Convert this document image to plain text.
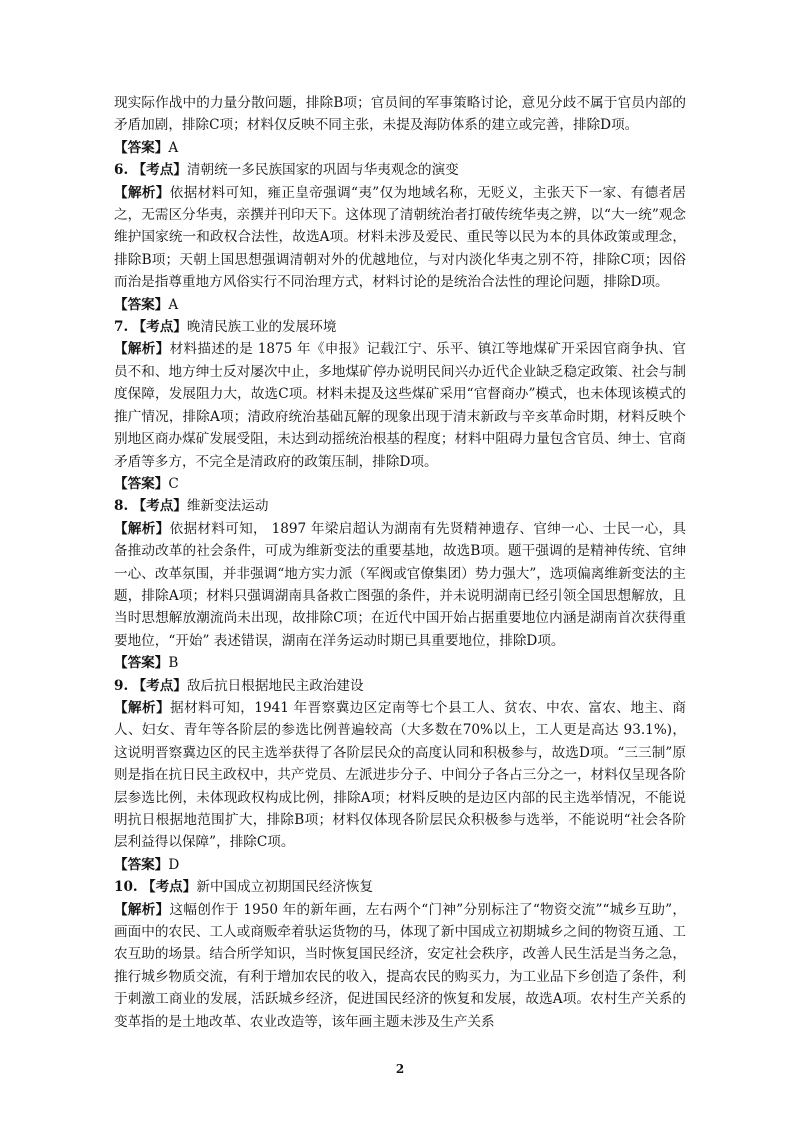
现实际作战中的力量分散问题，排除B项；官员间的军事策略讨论，意见分歧不属于官员内部的矛盾加剧，排除C项；材料仅反映不同主张，未提及海防体系的建立或完善，排除D项。

【答案】A

6. 【考点】清朝统一多民族国家的巩固与华夷观念的演变

【解析】依据材料可知，雍正皇帝强调“夷”仅为地域名称，无贬义，主张天下一家、有德者居之，无需区分华夷，亲撰并刊印天下。这体现了清朝统治者打破传统华夷之辨，以“大一统”观念维护国家统一和政权合法性，故选A项。材料未涉及爱民、重民等以民为本的具体政策或理念，排除B项；天朝上国思想强调清朝对外的优越地位，与对内淡化华夷之别不符，排除C项；因俗而治是指尊重地方风俗实行不同治理方式，材料讨论的是统治合法性的理论问题，排除D项。

【答案】A

7. 【考点】晚清民族工业的发展环境

【解析】材料描述的是 1875 年《申报》记载江宁、乐平、镇江等地煤矿开采因官商争执、官员不和、地方绅士反对屡次中止，多地煤矿停办说明民间兴办近代企业缺乏稳定政策、社会与制度保障，发展阻力大，故选C项。材料未提及这些煤矿采用“官督商办”模式，也未体现该模式的推广情况，排除A项；清政府统治基础瓦解的现象出现于清末新政与辛亥革命时期，材料反映个别地区商办煤矿发展受阻，未达到动摇统治根基的程度；材料中阻碍力量包含官员、绅士、官商矛盾等多方，不完全是清政府的政策压制，排除D项。

【答案】C

8. 【考点】维新变法运动

【解析】依据材料可知， 1897 年梁启超认为湖南有先贤精神遗存、官绅一心、士民一心，具备推动改革的社会条件，可成为维新变法的重要基地，故选B项。题干强调的是精神传统、官绅一心、改革氛围，并非强调“地方实力派（军阀或官僚集团）势力强大”，选项偏离维新变法的主题，排除A项；材料只强调湖南具备救亡图强的条件，并未说明湖南已经引领全国思想解放，且当时思想解放潮流尚未出现，故排除C项；在近代中国开始占据重要地位内涵是湖南首次获得重要地位，“开始” 表述错误，湖南在洋务运动时期已具重要地位，排除D项。

【答案】B

9. 【考点】敌后抗日根据地民主政治建设

【解析】据材料可知，1941 年晋察冀边区定南等七个县工人、贫农、中农、富农、地主、商人、妇女、青年等各阶层的参选比例普遍较高（大多数在70%以上，工人更是高达 93.1%)，这说明晋察冀边区的民主选举获得了各阶层民众的高度认同和积极参与，故选D项。“三三制”原则是指在抗日民主政权中，共产党员、左派进步分子、中间分子各占三分之一，材料仅呈现各阶层参选比例，未体现政权构成比例，排除A项；材料反映的是边区内部的民主选举情况，不能说明抗日根据地范围扩大，排除B项；材料仅体现各阶层民众积极参与选举，不能说明“社会各阶层利益得以保障”，排除C项。

【答案】D

10. 【考点】新中国成立初期国民经济恢复

【解析】这幅创作于 1950 年的新年画，左右两个“门神”分别标注了“物资交流”“城乡互助”，画面中的农民、工人或商贩牵着驮运货物的马，体现了新中国成立初期城乡之间的物资互通、工农互助的场景。结合所学知识，当时恢复国民经济，安定社会秩序，改善人民生活是当务之急，推行城乡物质交流，有利于增加农民的收入，提高农民的购买力，为工业品下乡创造了条件，利于刺激工商业的发展，活跃城乡经济，促进国民经济的恢复和发展，故选A项。农村生产关系的变革指的是土地改革、农业改造等，该年画主题未涉及生产关系

2
